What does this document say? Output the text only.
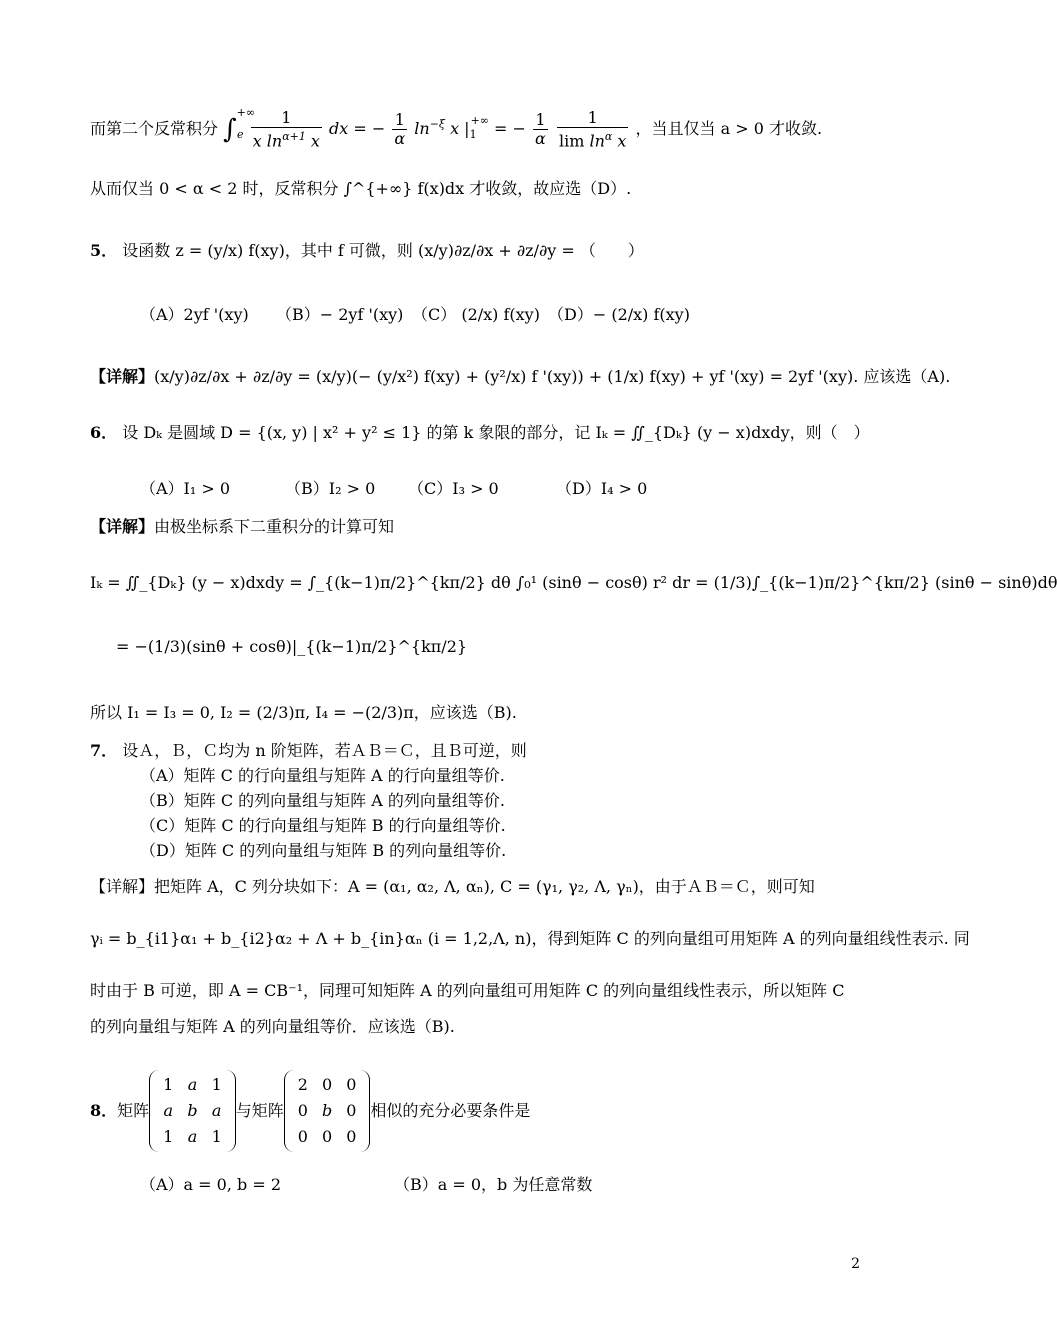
而第二个反常积分 $\int^{+\infty}_e \frac{1}{x \ln^{\alpha+1} x}$ dx = − $\frac{1}{\alpha} \ln^{-\xi} x$ $|_1^{+\infty}$ = − $\frac{1}{\alpha}$
$\frac{1}{\lim \ln^\alpha x}$ ，当且仅当 a > 0 才收敛.
从而仅当 0 < α < 2 时，反常积分 ∫^{+∞} f(x)dx 才收敛，故应选（D）.
5． 设函数 z = (y/x) f(xy)，其中 f 可微，则 (x/y)∂z/∂x + ∂z/∂y = （　　）
（A）2yf '(xy) （B）− 2yf '(xy) （C） (2/x) f(xy) （D）− (2/x) f(xy)
【详解】(x/y)∂z/∂x + ∂z/∂y = (x/y)(− (y/x²) f(xy) + (y²/x) f '(xy)) + (1/x) f(xy) + yf '(xy) = 2yf '(xy). 应该选（A).
6． 设 Dₖ 是圆域 D = {(x, y) | x² + y² ≤ 1} 的第 k 象限的部分，记 Iₖ = ∬_{Dₖ} (y − x)dxdy，则（　）
（A）I₁ > 0	（B）I₂ > 0 （C）I₃ > 0	（D）I₄ > 0
【详解】由极坐标系下二重积分的计算可知
Iₖ = ∬_{Dₖ} (y − x)dxdy = ∫_{(k−1)π/2}^{kπ/2} dθ ∫₀¹ (sinθ − cosθ) r² dr = (1/3)∫_{(k−1)π/2}^{kπ/2} (sinθ − sinθ)dθ
= −(1/3)(sinθ + cosθ)|_{(k−1)π/2}^{kπ/2}
所以 I₁ = I₃ = 0, I₂ = (2/3)π, I₄ = −(2/3)π，应该选（B).
7． 设Ａ，Ｂ，Ｃ均为 n 阶矩阵，若ＡＢ＝Ｃ，且Ｂ可逆，则
（A）矩阵 C 的行向量组与矩阵 A 的行向量组等价.
（B）矩阵 C 的列向量组与矩阵 A 的列向量组等价.
（C）矩阵 C 的行向量组与矩阵 B 的行向量组等价.
（D）矩阵 C 的列向量组与矩阵 B 的列向量组等价.
【详解】把矩阵 A，C 列分块如下：A = (α₁, α₂, Λ, αₙ), C = (γ₁, γ₂, Λ, γₙ)，由于ＡＢ＝Ｃ，则可知
γᵢ = b_{i1}α₁ + b_{i2}α₂ + Λ + b_{in}αₙ (i = 1,2,Λ, n)，得到矩阵 C 的列向量组可用矩阵 A 的列向量组线性表示. 同
时由于 B 可逆，即 A = CB⁻¹，同理可知矩阵 A 的列向量组可用矩阵 C 的列向量组线性表示，所以矩阵 C
的列向量组与矩阵 A 的列向量组等价．应该选（B).
8． 矩阵
1	a	1
a	b	a
1	a	1
与矩阵
2	0	0
0	b	0
0	0	0
相似的充分必要条件是
（A）a = 0, b = 2	（B）a = 0，b 为任意常数
2
